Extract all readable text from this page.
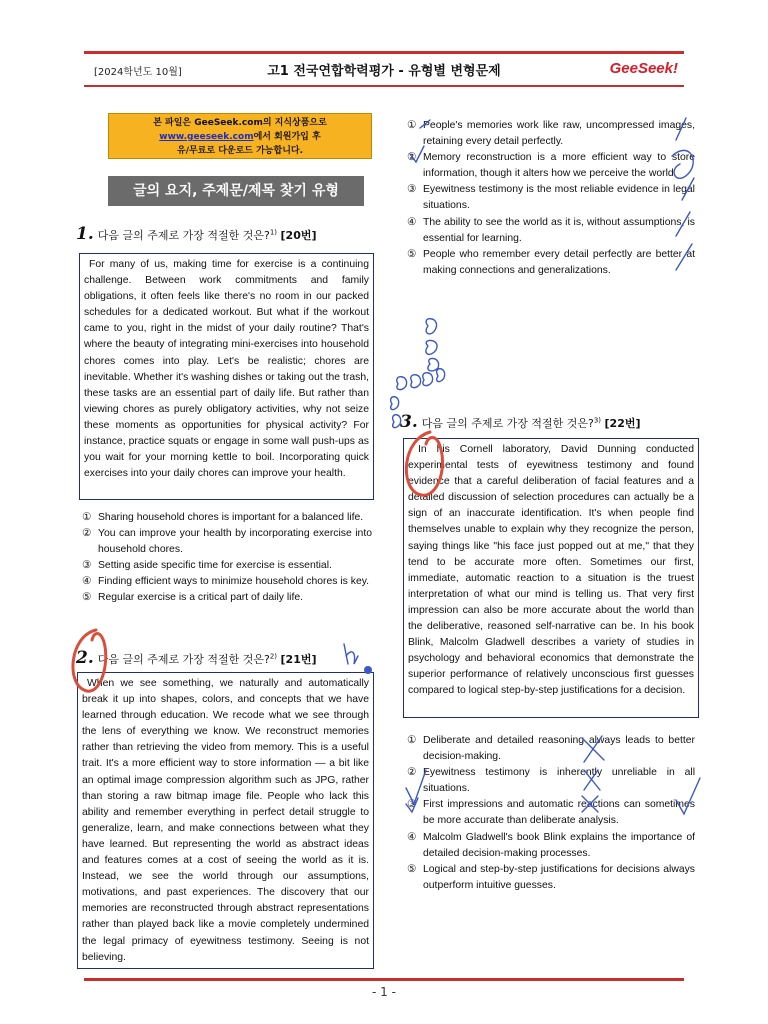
[2024학년도 10월]	고1 전국연합학력평가 - 유형별 변형문제	GeeSeek!
본 파일은 GeeSeek.com의 지식상품으로
www.geeseek.com에서 회원가입 후
유/무료로 다운로드 가능합니다.
글의 요지, 주제문/제목 찾기 유형
1. 다음 글의 주제로 가장 적절한 것은?$^{1)}$ [20번]
For many of us, making time for exercise is a continuing challenge. Between work commitments and family obligations, it often feels like there's no room in our packed schedules for a dedicated workout. But what if the workout came to you, right in the midst of your daily routine? That's where the beauty of integrating mini-exercises into household chores comes into play. Let's be realistic; chores are inevitable. Whether it's washing dishes or taking out the trash, these tasks are an essential part of daily life. But rather than viewing chores as purely obligatory activities, why not seize these moments as opportunities for physical activity? For instance, practice squats or engage in some wall push-ups as you wait for your morning kettle to boil. Incorporating quick exercises into your daily chores can improve your health.
① Sharing household chores is important for a balanced life.
② You can improve your health by incorporating exercise into household chores.
③ Setting aside specific time for exercise is essential.
④ Finding efficient ways to minimize household chores is key.
⑤ Regular exercise is a critical part of daily life.
2. 다음 글의 주제로 가장 적절한 것은?$^{2)}$ [21번]
When we see something, we naturally and automatically break it up into shapes, colors, and concepts that we have learned through education. We recode what we see through the lens of everything we know. We reconstruct memories rather than retrieving the video from memory. This is a useful trait. It's a more efficient way to store information — a bit like an optimal image compression algorithm such as JPG, rather than storing a raw bitmap image file. People who lack this ability and remember everything in perfect detail struggle to generalize, learn, and make connections between what they have learned. But representing the world as abstract ideas and features comes at a cost of seeing the world as it is. Instead, we see the world through our assumptions, motivations, and past experiences. The discovery that our memories are reconstructed through abstract representations rather than played back like a movie completely undermined the legal primacy of eyewitness testimony. Seeing is not believing.
① People's memories work like raw, uncompressed images, retaining every detail perfectly.
② Memory reconstruction is a more efficient way to store information, though it alters how we perceive the world.
③ Eyewitness testimony is the most reliable evidence in legal situations.
④ The ability to see the world as it is, without assumptions, is essential for learning.
⑤ People who remember every detail perfectly are better at making connections and generalizations.
3. 다음 글의 주제로 가장 적절한 것은?$^{3)}$ [22번]
In his Cornell laboratory, David Dunning conducted experimental tests of eyewitness testimony and found evidence that a careful deliberation of facial features and a detailed discussion of selection procedures can actually be a sign of an inaccurate identification. It's when people find themselves unable to explain why they recognize the person, saying things like "his face just popped out at me," that they tend to be accurate more often. Sometimes our first, immediate, automatic reaction to a situation is the truest interpretation of what our mind is telling us. That very first impression can also be more accurate about the world than the deliberative, reasoned self-narrative can be. In his book Blink, Malcolm Gladwell describes a variety of studies in psychology and behavioral economics that demonstrate the superior performance of relatively unconscious first guesses compared to logical step-by-step justifications for a decision.
① Deliberate and detailed reasoning always leads to better decision-making.
② Eyewitness testimony is inherently unreliable in all situations.
③ First impressions and automatic reactions can sometimes be more accurate than deliberate analysis.
④ Malcolm Gladwell's book Blink explains the importance of detailed decision-making processes.
⑤ Logical and step-by-step justifications for decisions always outperform intuitive guesses.
- 1 -
